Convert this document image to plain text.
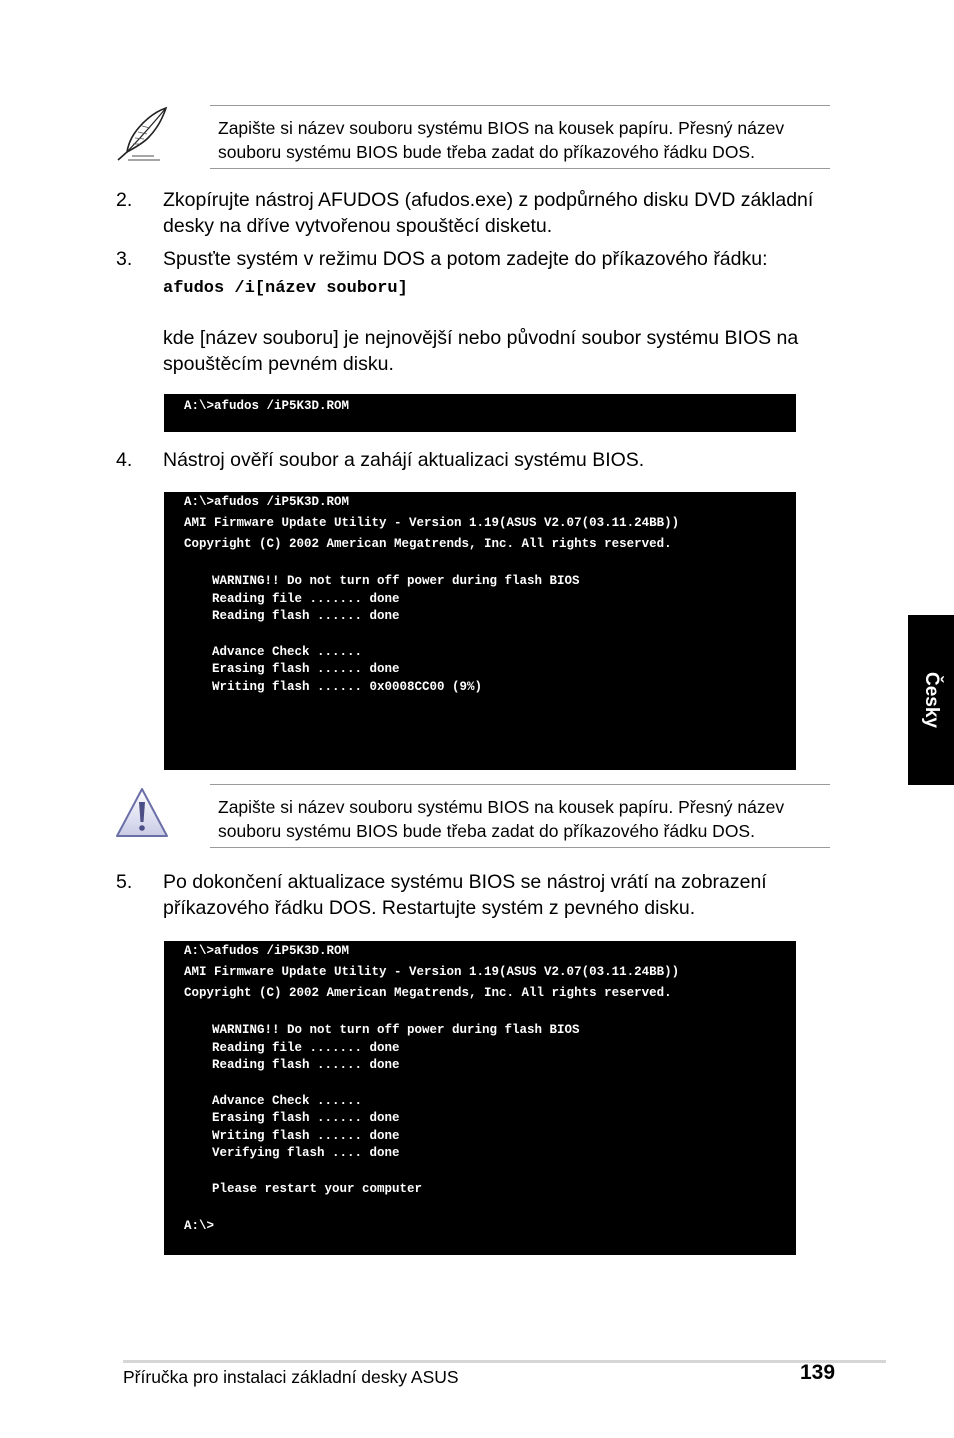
Zapište si název souboru systému BIOS na kousek papíru. Přesný název
souboru systému BIOS bude třeba zadat do příkazového řádku DOS.
2. Zkopírujte nástroj AFUDOS (afudos.exe) z podpůrného disku DVD základní
desky na dříve vytvořenou spouštěcí disketu.
3. Spusťte systém v režimu DOS a potom zadejte do příkazového řádku:
afudos /i[název souboru]
kde [název souboru] je nejnovější nebo původní soubor systému BIOS na
spouštěcím pevném disku.
A:\>afudos /iP5K3D.ROM
4. Nástroj ověří soubor a zahájí aktualizaci systému BIOS.
A:\>afudos /iP5K3D.ROM
AMI Firmware Update Utility - Version 1.19(ASUS V2.07(03.11.24BB))
Copyright (C) 2002 American Megatrends, Inc. All rights reserved.
WARNING!! Do not turn off power during flash BIOS
Reading file ....... done
Reading flash ...... done
Advance Check ......
Erasing flash ...... done
Writing flash ...... 0x0008CC00 (9%)
Zapište si název souboru systému BIOS na kousek papíru. Přesný název
souboru systému BIOS bude třeba zadat do příkazového řádku DOS.
5. Po dokončení aktualizace systému BIOS se nástroj vrátí na zobrazení
příkazového řádku DOS. Restartujte systém z pevného disku.
A:\>afudos /iP5K3D.ROM
AMI Firmware Update Utility - Version 1.19(ASUS V2.07(03.11.24BB))
Copyright (C) 2002 American Megatrends, Inc. All rights reserved.
WARNING!! Do not turn off power during flash BIOS
Reading file ....... done
Reading flash ...... done
Advance Check ......
Erasing flash ...... done
Writing flash ...... done
Verifying flash .... done
Please restart your computer
A:\>
Česky
Příručka pro instalaci základní desky ASUS	139
